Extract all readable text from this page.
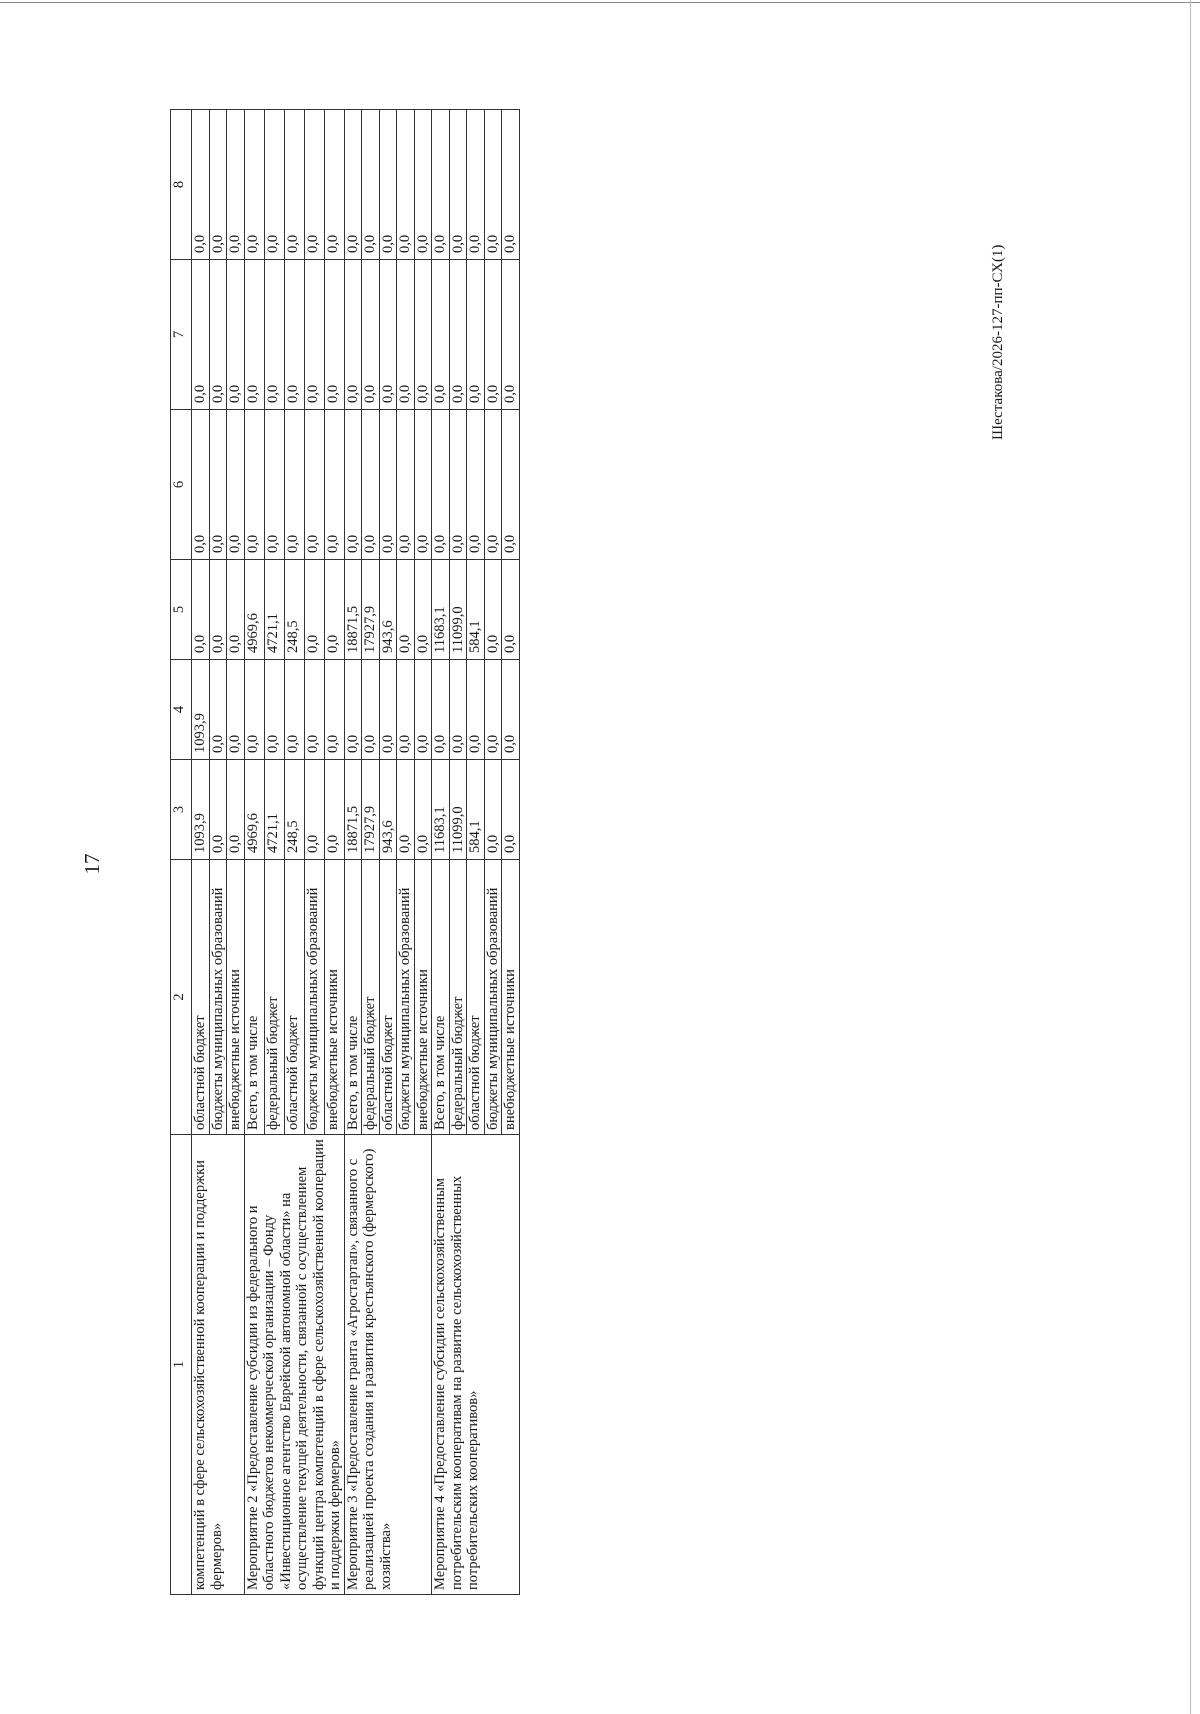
17
Шестакова/2026-127-пп-СХ(1)
1	2	3	4	5	6	7	8
компетенций в сфере сельскохозяйственной кооперации и поддержки фермеров»	областной бюджет	1093,9	1093,9	0,0	0,0	0,0	0,0
	бюджеты муниципальных образований	0,0	0,0	0,0	0,0	0,0	0,0
	внебюджетные источники	0,0	0,0	0,0	0,0	0,0	0,0
Мероприятие 2 «Предоставление субсидии из федерального и областного бюджетов некоммерческой организации – Фонду «Инвестиционное агентство Еврейской автономной области» на осуществление текущей деятельности, связанной с осуществлением функций центра компетенций в сфере сельскохозяйственной кооперации и поддержки фермеров»	Всего, в том числе	4969,6	0,0	4969,6	0,0	0,0	0,0
	федеральный бюджет	4721,1	0,0	4721,1	0,0	0,0	0,0
	областной бюджет	248,5	0,0	248,5	0,0	0,0	0,0
	бюджеты муниципальных образований	0,0	0,0	0,0	0,0	0,0	0,0
	внебюджетные источники	0,0	0,0	0,0	0,0	0,0	0,0
Мероприятие 3 «Предоставление гранта «Агростартап», связанного с реализацией проекта создания и развития крестьянского (фермерского) хозяйства»	Всего, в том числе	18871,5	0,0	18871,5	0,0	0,0	0,0
	федеральный бюджет	17927,9	0,0	17927,9	0,0	0,0	0,0
	областной бюджет	943,6	0,0	943,6	0,0	0,0	0,0
	бюджеты муниципальных образований	0,0	0,0	0,0	0,0	0,0	0,0
	внебюджетные источники	0,0	0,0	0,0	0,0	0,0	0,0
Мероприятие 4 «Предоставление субсидии сельскохозяйственным потребительским кооперативам на развитие сельскохозяйственных потребительских кооперативов»	Всего, в том числе	11683,1	0,0	11683,1	0,0	0,0	0,0
	федеральный бюджет	11099,0	0,0	11099,0	0,0	0,0	0,0
	областной бюджет	584,1	0,0	584,1	0,0	0,0	0,0
	бюджеты муниципальных образований	0,0	0,0	0,0	0,0	0,0	0,0
	внебюджетные источники	0,0	0,0	0,0	0,0	0,0	0,0
